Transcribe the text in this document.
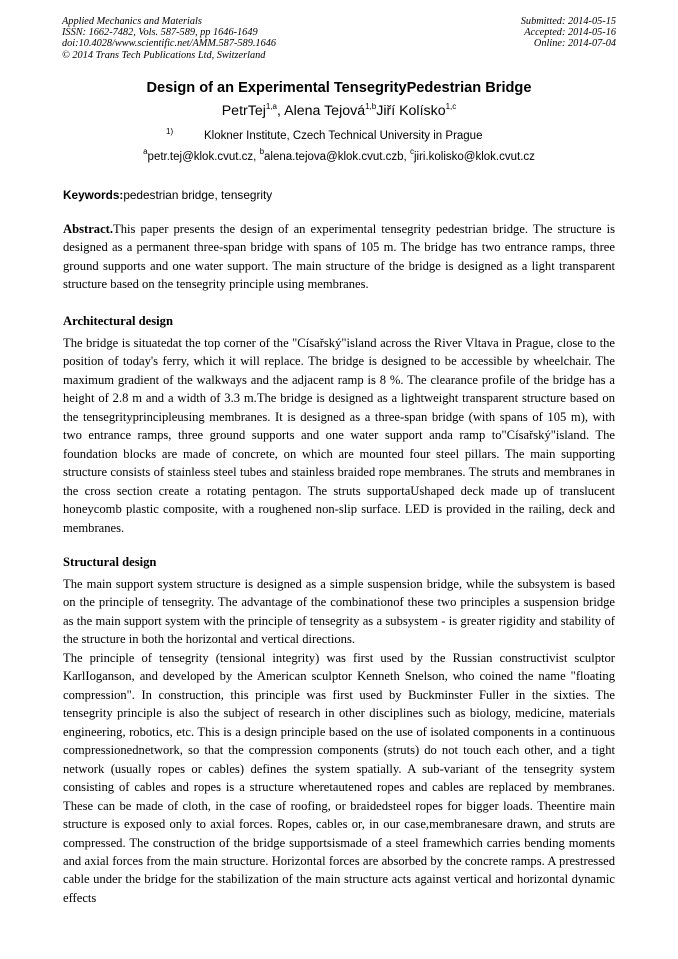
Applied Mechanics and Materials
ISSN: 1662-7482, Vols. 587-589, pp 1646-1649
doi:10.4028/www.scientific.net/AMM.587-589.1646
© 2014 Trans Tech Publications Ltd, Switzerland
Submitted: 2014-05-15
Accepted: 2014-05-16
Online: 2014-07-04
Design of an Experimental TensegrityPedestrian Bridge
PetrTej$^{1,a}$, Alena Tejová$^{1,b}$Jiří Kolísko$^{1,c}$
1)	Klokner Institute, Czech Technical University in Prague
$^a$petr.tej@klok.cvut.cz, $^b$alena.tejova@klok.cvut.czb, $^c$jiri.kolisko@klok.cvut.cz
Keywords:pedestrian bridge, tensegrity
Abstract.This paper presents the design of an experimental tensegrity pedestrian bridge. The structure is designed as a permanent three-span bridge with spans of 105 m. The bridge has two entrance ramps, three ground supports and one water support. The main structure of the bridge is designed as a light transparent structure based on the tensegrity principle using membranes.
Architectural design
The bridge is situatedat the top corner of the "Císařský"island across the River Vltava in Prague, close to the position of today's ferry, which it will replace. The bridge is designed to be accessible by wheelchair. The maximum gradient of the walkways and the adjacent ramp is 8 %. The clearance profile of the bridge has a height of 2.8 m and a width of 3.3 m.The bridge is designed as a lightweight transparent structure based on the tensegrityprincipleusing membranes. It is designed as a three-span bridge (with spans of 105 m), with two entrance ramps, three ground supports and one water support anda ramp to"Císařský"island. The foundation blocks are made of concrete, on which are mounted four steel pillars. The main supporting structure consists of stainless steel tubes and stainless braided rope membranes. The struts and membranes in the cross section create a rotating pentagon. The struts supportaUshaped deck made up of translucent honeycomb plastic composite, with a roughened non-slip surface. LED is provided in the railing, deck and membranes.
Structural design
The main support system structure is designed as a simple suspension bridge, while the subsystem is based on the principle of tensegrity. The advantage of the combinationof these two principles a suspension bridge as the main support system with the principle of tensegrity as a subsystem - is greater rigidity and stability of the structure in both the horizontal and vertical directions.
The principle of tensegrity (tensional integrity) was first used by the Russian constructivist sculptor KarlIoganson, and developed by the American sculptor Kenneth Snelson, who coined the name "floating compression". In construction, this principle was first used by Buckminster Fuller in the sixties. The tensegrity principle is also the subject of research in other disciplines such as biology, medicine, materials engineering, robotics, etc. This is a design principle based on the use of isolated components in a continuous compressionednetwork, so that the compression components (struts) do not touch each other, and a tight network (usually ropes or cables) defines the system spatially. A sub-variant of the tensegrity system consisting of cables and ropes is a structure wheretautened ropes and cables are replaced by membranes. These can be made of cloth, in the case of roofing, or braidedsteel ropes for bigger loads. Theentire main structure is exposed only to axial forces. Ropes, cables or, in our case,membranesare drawn, and struts are compressed. The construction of the bridge supportsismade of a steel framewhich carries bending moments and axial forces from the main structure. Horizontal forces are absorbed by the concrete ramps. A prestressed cable under the bridge for the stabilization of the main structure acts against vertical and horizontal dynamic effects
